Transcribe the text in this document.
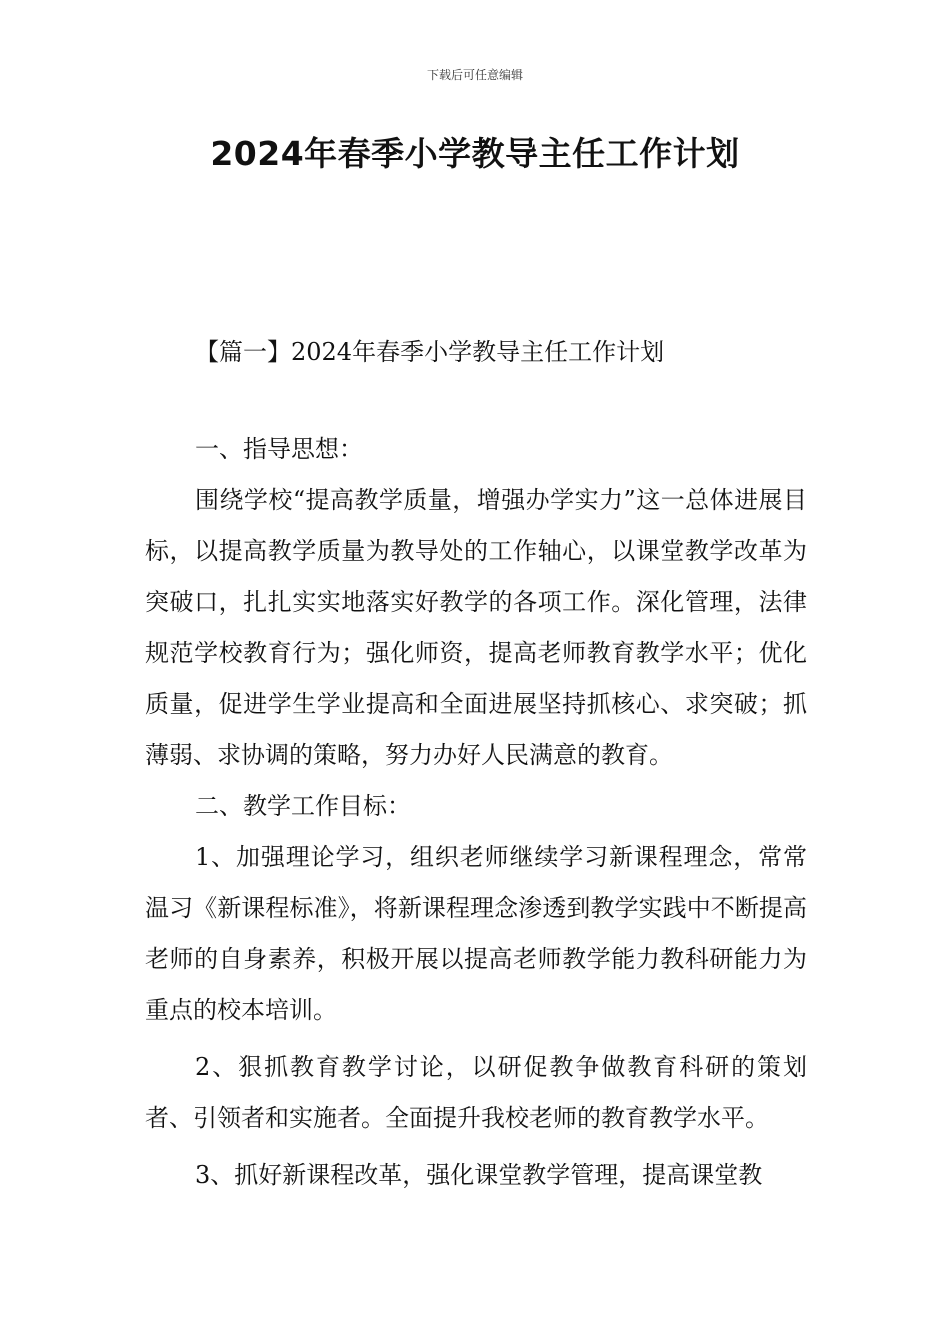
下载后可任意编辑
2024年春季小学教导主任工作计划
【篇一】2024年春季小学教导主任工作计划

一、指导思想：

围绕学校“提高教学质量，增强办学实力”这一总体进展目标，以提高教学质量为教导处的工作轴心，以课堂教学改革为突破口，扎扎实实地落实好教学的各项工作。深化管理，法律规范学校教育行为；强化师资，提高老师教育教学水平；优化质量，促进学生学业提高和全面进展坚持抓核心、求突破；抓薄弱、求协调的策略，努力办好人民满意的教育。

二、教学工作目标：

1、加强理论学习，组织老师继续学习新课程理念，常常温习《新课程标准》，将新课程理念渗透到教学实践中不断提高老师的自身素养，积极开展以提高老师教学能力教科研能力为重点的校本培训。

2、狠抓教育教学讨论，以研促教争做教育科研的策划者、引领者和实施者。全面提升我校老师的教育教学水平。

3、抓好新课程改革，强化课堂教学管理，提高课堂教
